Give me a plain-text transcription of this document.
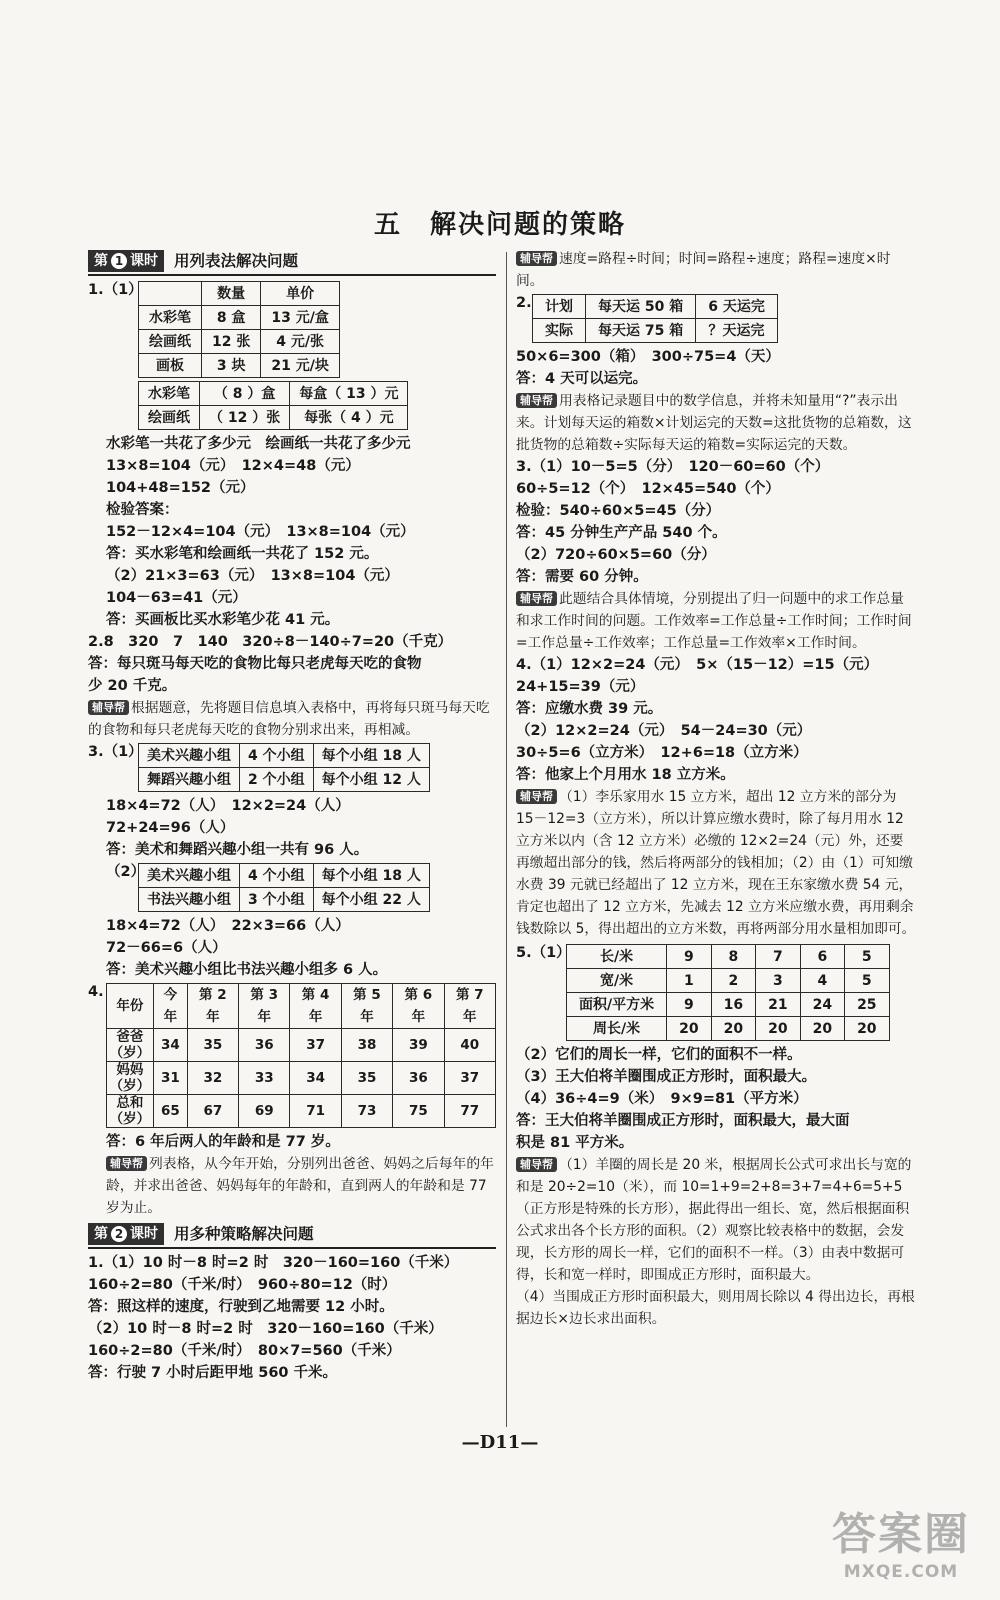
五　解决问题的策略
第 1 课时 用列表法解决问题
1.（1）
		数量	单价
水彩笔	8 盒	13 元/盒
绘画纸	12 张	4 元/张
画板	3 块	21 元/块
水彩笔	（ 8 ）盒	每盒（ 13 ）元
绘画纸	（ 12 ）张	每张（ 4 ）元
水彩笔一共花了多少元　绘画纸一共花了多少元
13×8=104（元）　12×4=48（元）
104+48=152（元）
检验答案：
152－12×4=104（元）　13×8=104（元）
答：买水彩笔和绘画纸一共花了 152 元。
（2）21×3=63（元）　13×8=104（元）
104－63=41（元）
答：买画板比买水彩笔少花 41 元。
2.8　320　7　140　320÷8－140÷7=20（千克）
答：每只斑马每天吃的食物比每只老虎每天吃的食物
少 20 千克。
辅导帮 根据题意，先将题目信息填入表格中，再将每只斑马每天吃的食物和每只老虎每天吃的食物分别求出来，再相减。
3.（1） 美术兴趣小组	4 个小组	每个小组 18 人
舞蹈兴趣小组	2 个小组	每个小组 12 人
18×4=72（人）　12×2=24（人）
72+24=96（人）
答：美术和舞蹈兴趣小组一共有 96 人。
（2） 美术兴趣小组	4 个小组	每个小组 18 人
书法兴趣小组	3 个小组	每个小组 22 人
18×4=72（人）　22×3=66（人）
72－66=6（人）
答：美术兴趣小组比书法兴趣小组多 6 人。
4.
年份	今年	第 2 年	第 3 年	第 4 年	第 5 年	第 6 年	第 7 年
爸爸（岁）	34	35	36	37	38	39	40
妈妈（岁）	31	32	33	34	35	36	37
总和（岁）	65	67	69	71	73	75	77
答：6 年后两人的年龄和是 77 岁。
辅导帮 列表格，从今年开始，分别列出爸爸、妈妈之后每年的年龄，并求出爸爸、妈妈每年的年龄和，直到两人的年龄和是 77 岁为止。
第 2 课时 用多种策略解决问题
1.（1）10 时－8 时=2 时　320－160=160（千米）
160÷2=80（千米/时）　960÷80=12（时）
答：照这样的速度，行驶到乙地需要 12 小时。
（2）10 时－8 时=2 时　320－160=160（千米）
160÷2=80（千米/时）　80×7=560（千米）
答：行驶 7 小时后距甲地 560 千米。
辅导帮 速度=路程÷时间；时间=路程÷速度；路程=速度×时间。
2. 计划	每天运 50 箱	6 天运完
实际	每天运 75 箱	？天运完
50×6=300（箱）　300÷75=4（天）
答：4 天可以运完。
辅导帮 用表格记录题目中的数学信息，并将未知量用“?”表示出来。计划每天运的箱数×计划运完的天数=这批货物的总箱数，这批货物的总箱数÷实际每天运的箱数=实际运完的天数。
3.（1）10－5=5（分）　120－60=60（个）
60÷5=12（个）　12×45=540（个）
检验：540÷60×5=45（分）
答：45 分钟生产产品 540 个。
（2）720÷60×5=60（分）
答：需要 60 分钟。
辅导帮 此题结合具体情境，分别提出了归一问题中的求工作总量和求工作时间的问题。工作效率=工作总量÷工作时间；工作时间=工作总量÷工作效率；工作总量=工作效率×工作时间。
4.（1）12×2=24（元）　5×（15－12）=15（元）
24+15=39（元）
答：应缴水费 39 元。
（2）12×2=24（元）　54－24=30（元）
30÷5=6（立方米）　12+6=18（立方米）
答：他家上个月用水 18 立方米。
辅导帮 （1）李乐家用水 15 立方米，超出 12 立方米的部分为 15－12=3（立方米），所以计算应缴水费时，除了每月用水 12 立方米以内（含 12 立方米）必缴的 12×2=24（元）外，还要再缴超出部分的钱，然后将两部分的钱相加；（2）由（1）可知缴水费 39 元就已经超出了 12 立方米，现在王东家缴水费 54 元，肯定也超出了 12 立方米，先减去 12 立方米应缴水费，再用剩余钱数除以 5，得出超出的立方米数，再将两部分用水量相加即可。
5.（1） 长/米	9	8	7	6	5
宽/米	1	2	3	4	5
面积/平方米	9	16	21	24	25
周长/米	20	20	20	20	20
（2）它们的周长一样，它们的面积不一样。
（3）王大伯将羊圈围成正方形时，面积最大。
（4）36÷4=9（米）　9×9=81（平方米）
答：王大伯将羊圈围成正方形时，面积最大，最大面
积是 81 平方米。
辅导帮 （1）羊圈的周长是 20 米，根据周长公式可求出长与宽的和是 20÷2=10（米），而 10=1+9=2+8=3+7=4+6=5+5（正方形是特殊的长方形），据此得出一组长、宽，然后根据面积公式求出各个长方形的面积。（2）观察比较表格中的数据，会发现，长方形的周长一样，它们的面积不一样。（3）由表中数据可得，长和宽一样时，即围成正方形时，面积最大。
（4）当围成正方形时面积最大，则用周长除以 4 得出边长，再根据边长×边长求出面积。
—D11—
答案圈
MXQE.COM
